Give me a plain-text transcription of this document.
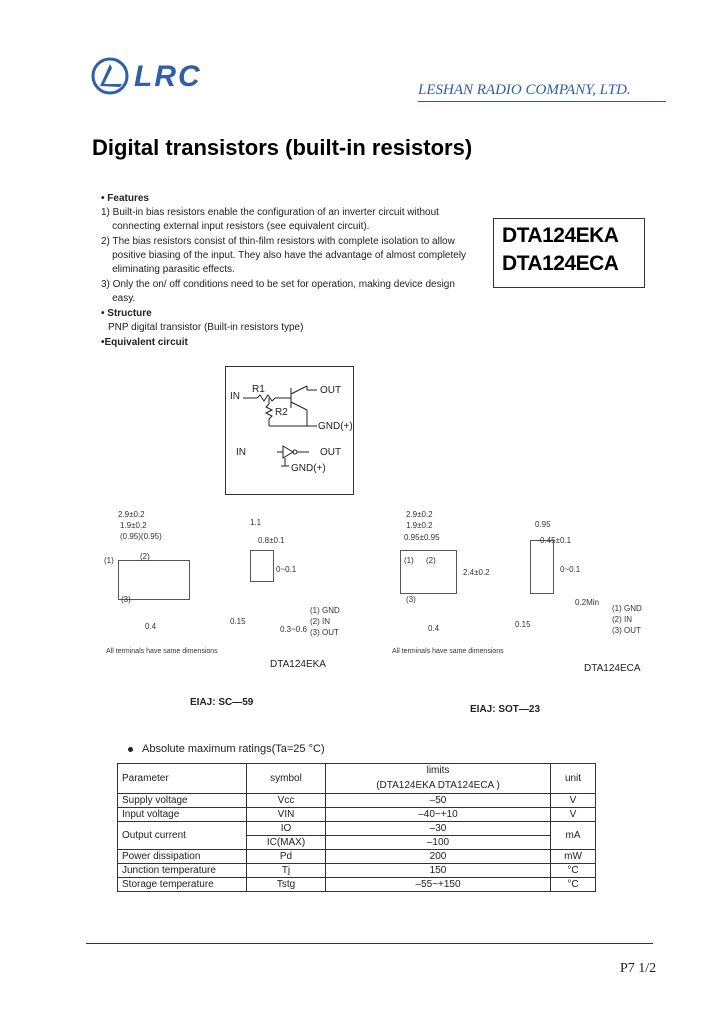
LRC	LESHAN RADIO COMPANY, LTD.
Digital transistors (built-in resistors)
• Features
1) Built-in bias resistors enable the configuration of an inverter circuit without
connecting external input resistors (see equivalent circuit).
2) The bias resistors consist of thin-film resistors with complete isolation to allow
positive biasing of the input. They also have the advantage of almost completely
eliminating parasitic effects.
3) Only the on/ off conditions need to be set for operation, making device design
easy.
• Structure
PNP digital transistor (Built-in resistors type)
•Equivalent circuit
DTA124EKA
DTA124ECA
IN
R1
R2
OUT
GND(+)
IN	OUT
GND(+)
2.9±0.2
1.9±0.2
(0.95)(0.95)
(1)	(2)
(3)
1.1
0.8±0.1
0~0.1
0.4
0.15
0.3~0.6
(1) GND
(2) IN
(3) OUT
All terminals have same dimensions
DTA124EKA
EIAJ: SC—59
2.9±0.2
1.9±0.2
0.95±0.95
(1) (2)
(3)
2.4±0.2
0.95
0.45±0.1
0~0.1
0.2Min
0.4	0.15
(1) GND
(2) IN
(3) OUT
All terminals have same dimensions
DTA124ECA
EIAJ: SOT—23
Absolute maximum ratings(Ta=25 °C)
Parameter	symbol	limits	unit
		(DTA124EKA DTA124ECA )	
Supply voltage	Vcc	–50	V
Input voltage	VIN	–40~+10	V
Output current	IO	–30	mA
	IC(MAX)	–100	
Power dissipation	Pd	200	mW
Junction temperature	Tj	150	°C
Storage temperature	Tstg	–55~+150	°C
P7 1/2
